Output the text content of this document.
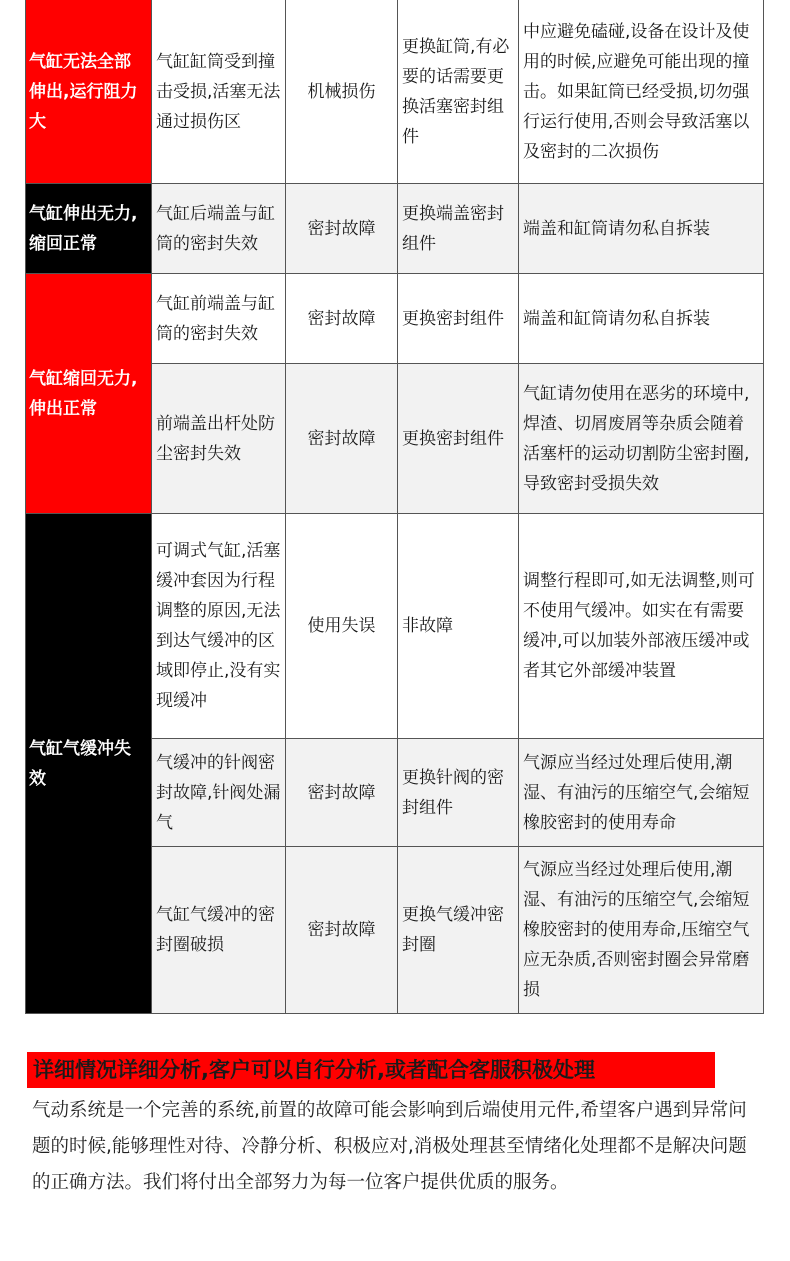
气缸无法全部伸出,运行阻力大
气缸缸筒受到撞击受损,活塞无法通过损伤区
机械损伤
更换缸筒,有必要的话需要更换活塞密封组件
中应避免磕碰,设备在设计及使用的时候,应避免可能出现的撞击。如果缸筒已经受损,切勿强行运行使用,否则会导致活塞以及密封的二次损伤
气缸伸出无力,缩回正常
气缸后端盖与缸筒的密封失效
密封故障
更换端盖密封组件
端盖和缸筒请勿私自拆装
气缸缩回无力,伸出正常
气缸前端盖与缸筒的密封失效
密封故障 更换密封组件 端盖和缸筒请勿私自拆装
前端盖出杆处防尘密封失效
密封故障 更换密封组件
气缸请勿使用在恶劣的环境中,焊渣、切屑废屑等杂质会随着活塞杆的运动切割防尘密封圈,导致密封受损失效
气缸气缓冲失效
可调式气缸,活塞缓冲套因为行程调整的原因,无法到达气缓冲的区域即停止,没有实现缓冲
使用失误 非故障
调整行程即可,如无法调整,则可不使用气缓冲。如实在有需要缓冲,可以加装外部液压缓冲或者其它外部缓冲装置
气缓冲的针阀密封故障,针阀处漏气
密封故障
更换针阀的密封组件
气源应当经过处理后使用,潮湿、有油污的压缩空气,会缩短橡胶密封的使用寿命
气缸气缓冲的密封圈破损
密封故障
更换气缓冲密封圈
气源应当经过处理后使用,潮湿、有油污的压缩空气,会缩短橡胶密封的使用寿命,压缩空气应无杂质,否则密封圈会异常磨损
详细情况详细分析,客户可以自行分析,或者配合客服积极处理
气动系统是一个完善的系统,前置的故障可能会影响到后端使用元件,希望客户遇到异常问题的时候,能够理性对待、冷静分析、积极应对,消极处理甚至情绪化处理都不是解决问题的正确方法。我们将付出全部努力为每一位客户提供优质的服务。
